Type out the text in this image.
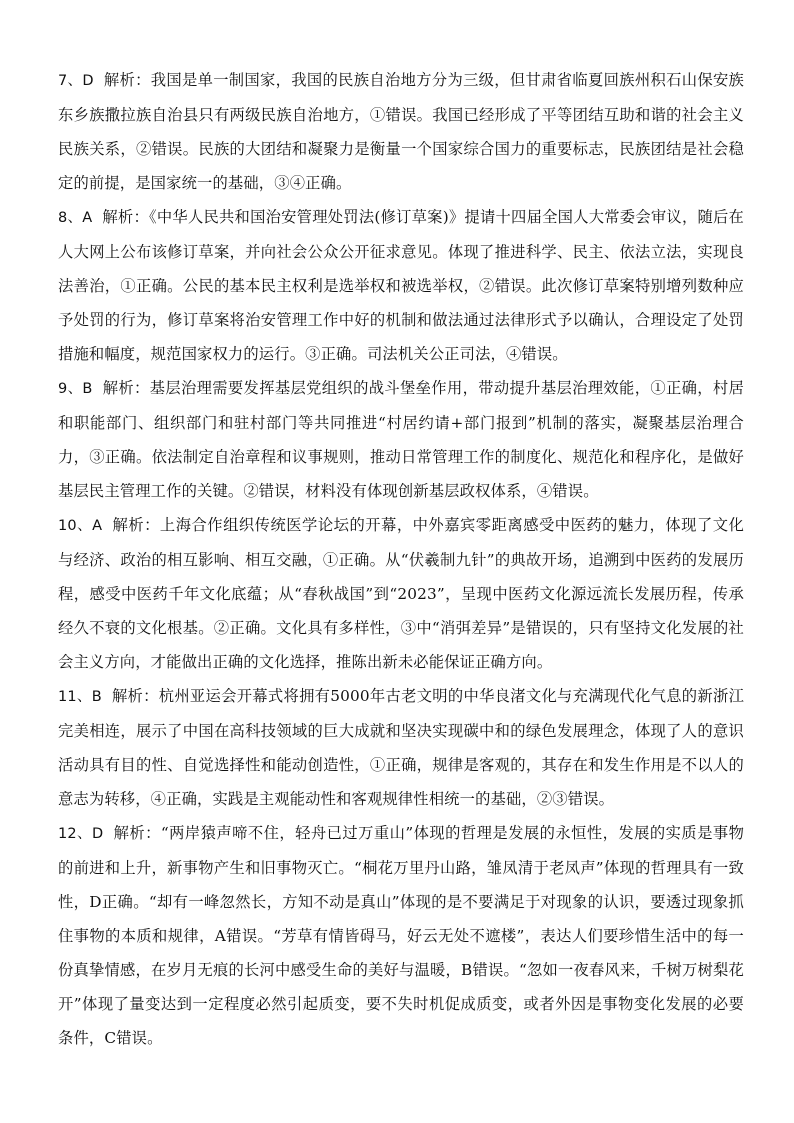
7、D 解析：我国是单一制国家，我国的民族自治地方分为三级，但甘肃省临夏回族州积石山保安族东乡族撒拉族自治县只有两级民族自治地方，①错误。我国已经形成了平等团结互助和谐的社会主义民族关系，②错误。民族的大团结和凝聚力是衡量一个国家综合国力的重要标志，民族团结是社会稳定的前提，是国家统一的基础，③④正确。

8、A 解析：《中华人民共和国治安管理处罚法(修订草案)》提请十四届全国人大常委会审议，随后在人大网上公布该修订草案，并向社会公众公开征求意见。体现了推进科学、民主、依法立法，实现良法善治，①正确。公民的基本民主权利是选举权和被选举权，②错误。此次修订草案特别增列数种应予处罚的行为，修订草案将治安管理工作中好的机制和做法通过法律形式予以确认，合理设定了处罚措施和幅度，规范国家权力的运行。③正确。司法机关公正司法，④错误。

9、B 解析：基层治理需要发挥基层党组织的战斗堡垒作用，带动提升基层治理效能，①正确，村居和职能部门、组织部门和驻村部门等共同推进“村居约请+部门报到”机制的落实，凝聚基层治理合力，③正确。依法制定自治章程和议事规则，推动日常管理工作的制度化、规范化和程序化，是做好基层民主管理工作的关键。②错误，材料没有体现创新基层政权体系，④错误。

10、A 解析：上海合作组织传统医学论坛的开幕，中外嘉宾零距离感受中医药的魅力，体现了文化与经济、政治的相互影响、相互交融，①正确。从“伏羲制九针”的典故开场，追溯到中医药的发展历程，感受中医药千年文化底蕴；从“春秋战国”到“2023”，呈现中医药文化源远流长发展历程，传承经久不衰的文化根基。②正确。文化具有多样性，③中“消弭差异”是错误的，只有坚持文化发展的社会主义方向，才能做出正确的文化选择，推陈出新未必能保证正确方向。

11、B 解析：杭州亚运会开幕式将拥有5000年古老文明的中华良渚文化与充满现代化气息的新浙江完美相连，展示了中国在高科技领域的巨大成就和坚决实现碳中和的绿色发展理念，体现了人的意识活动具有目的性、自觉选择性和能动创造性，①正确，规律是客观的，其存在和发生作用是不以人的意志为转移，④正确，实践是主观能动性和客观规律性相统一的基础，②③错误。

12、D 解析：“两岸猿声啼不住，轻舟已过万重山”体现的哲理是发展的永恒性，发展的实质是事物的前进和上升，新事物产生和旧事物灭亡。“桐花万里丹山路，雏凤清于老凤声”体现的哲理具有一致性，D正确。“却有一峰忽然长，方知不动是真山”体现的是不要满足于对现象的认识，要透过现象抓住事物的本质和规律，A错误。“芳草有情皆碍马，好云无处不遮楼”，表达人们要珍惜生活中的每一份真挚情感，在岁月无痕的长河中感受生命的美好与温暖，B错误。“忽如一夜春风来，千树万树梨花开”体现了量变达到一定程度必然引起质变，要不失时机促成质变，或者外因是事物变化发展的必要条件，C错误。
